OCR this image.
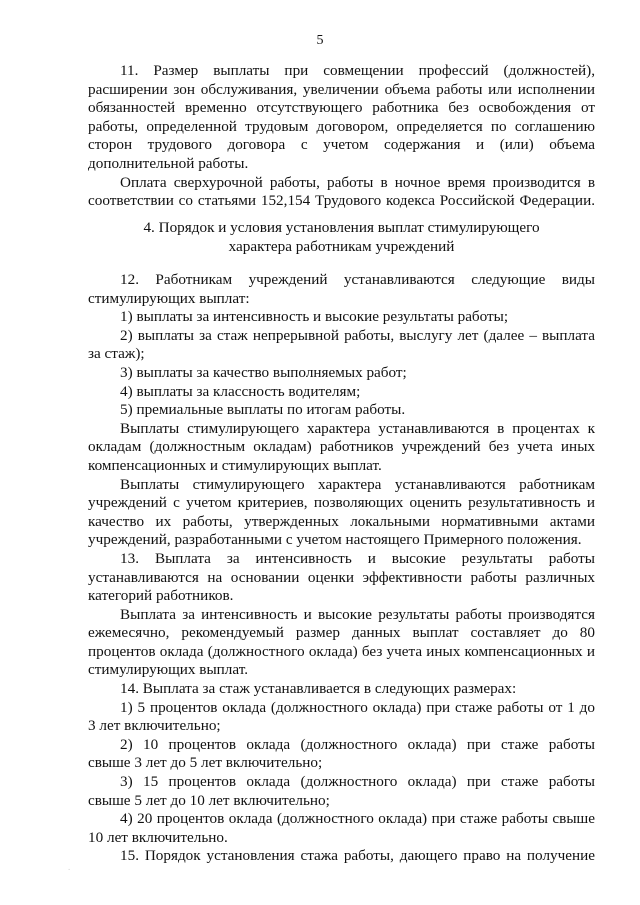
5
11. Размер выплаты при совмещении профессий (должностей),
расширении зон обслуживания, увеличении объема работы или исполнении
обязанностей временно отсутствующего работника без освобождения от
работы, определенной трудовым договором, определяется по соглашению
сторон трудового договора с учетом содержания и (или) объема
дополнительной работы.
Оплата сверхурочной работы, работы в ночное время производится в
соответствии со статьями 152,154 Трудового кодекса Российской Федерации.
4. Порядок и условия установления выплат стимулирующего
характера работникам учреждений
12. Работникам учреждений устанавливаются следующие виды
стимулирующих выплат:
1) выплаты за интенсивность и высокие результаты работы;
2) выплаты за стаж непрерывной работы, выслугу лет (далее – выплата
за стаж);
3) выплаты за качество выполняемых работ;
4) выплаты за классность водителям;
5) премиальные выплаты по итогам работы.
Выплаты стимулирующего характера устанавливаются в процентах к
окладам (должностным окладам) работников учреждений без учета иных
компенсационных и стимулирующих выплат.
Выплаты стимулирующего характера устанавливаются работникам
учреждений с учетом критериев, позволяющих оценить результативность и
качество их работы, утвержденных локальными нормативными актами
учреждений, разработанными с учетом настоящего Примерного положения.
13. Выплата за интенсивность и высокие результаты работы
устанавливаются на основании оценки эффективности работы различных
категорий работников.
Выплата за интенсивность и высокие результаты работы производятся
ежемесячно, рекомендуемый размер данных выплат составляет до 80
процентов оклада (должностного оклада) без учета иных компенсационных и
стимулирующих выплат.
14. Выплата за стаж устанавливается в следующих размерах:
1) 5 процентов оклада (должностного оклада) при стаже работы от 1 до
3 лет включительно;
2) 10 процентов оклада (должностного оклада) при стаже работы
свыше 3 лет до 5 лет включительно;
3) 15 процентов оклада (должностного оклада) при стаже работы
свыше 5 лет до 10 лет включительно;
4) 20 процентов оклада (должностного оклада) при стаже работы свыше
10 лет включительно.
15. Порядок установления стажа работы, дающего право на получение
.
